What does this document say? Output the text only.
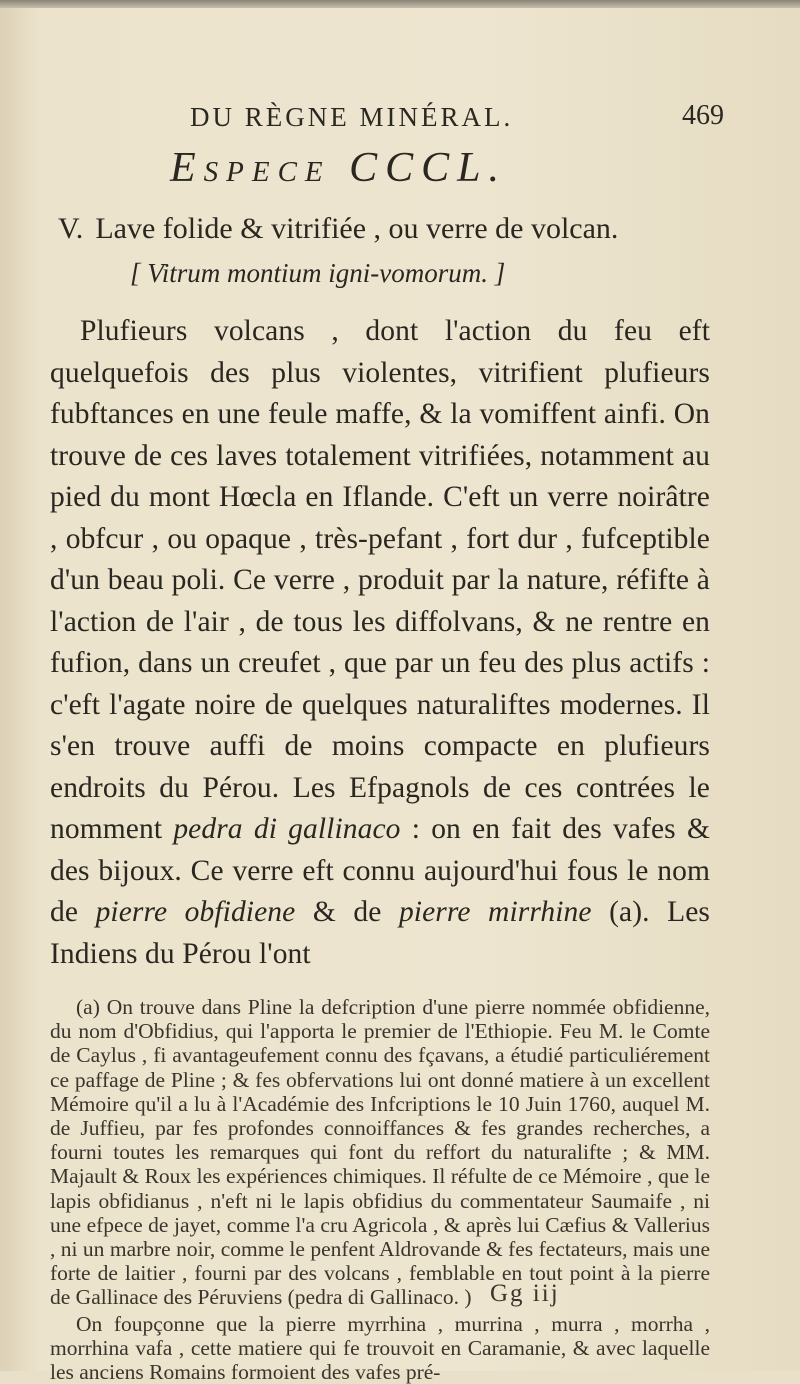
DU RÈGNE MINÉRAL.	469
Espece CCCL.
V. Lave folide & vitrifiée , ou verre de volcan.
[ Vitrum montium igni-vomorum. ]

Plufieurs volcans , dont l'action du feu eft quelquefois des plus violentes, vitrifient plufieurs fubftances en une feule maffe, & la vomiffent ainfi. On trouve de ces laves totalement vitrifiées, notamment au pied du mont Hœcla en Iflande. C'eft un verre noirâtre , obfcur , ou opaque , très-pefant , fort dur , fufceptible d'un beau poli. Ce verre , produit par la nature, réfifte à l'action de l'air , de tous les diffolvans, & ne rentre en fufion, dans un creufet , que par un feu des plus actifs : c'eft l'agate noire de quelques naturaliftes modernes. Il s'en trouve auffi de moins compacte en plufieurs endroits du Pérou. Les Efpagnols de ces contrées le nomment pedra di gallinaco : on en fait des vafes & des bijoux. Ce verre eft connu aujourd'hui fous le nom de pierre obfidiene & de pierre mirrhine (a). Les Indiens du Pérou l'ont

(a) On trouve dans Pline la defcription d'une pierre nommée obfidienne, du nom d'Obfidius, qui l'apporta le premier de l'Ethiopie. Feu M. le Comte de Caylus , fi avantageufement connu des fçavans, a étudié particuliérement ce paffage de Pline ; & fes obfervations lui ont donné matiere à un excellent Mémoire qu'il a lu à l'Académie des Infcriptions le 10 Juin 1760, auquel M. de Juffieu, par fes profondes connoiffances & fes grandes recherches, a fourni toutes les remarques qui font du reffort du naturalifte ; & MM. Majault & Roux les expériences chimiques. Il réfulte de ce Mémoire , que le lapis obfidianus , n'eft ni le lapis obfidius du commentateur Saumaife , ni une efpece de jayet, comme l'a cru Agricola , & après lui Cæfius & Vallerius , ni un marbre noir, comme le penfent Aldrovande & fes fectateurs, mais une forte de laitier , fourni par des volcans , femblable en tout point à la pierre de Gallinace des Péruviens (pedra di Gallinaco. )

On foupçonne que la pierre myrrhina , murrina , murra , morrha , morrhina vafa , cette matiere qui fe trouvoit en Caramanie, & avec laquelle les anciens Romains formoient des vafes pré-

Gg iij
